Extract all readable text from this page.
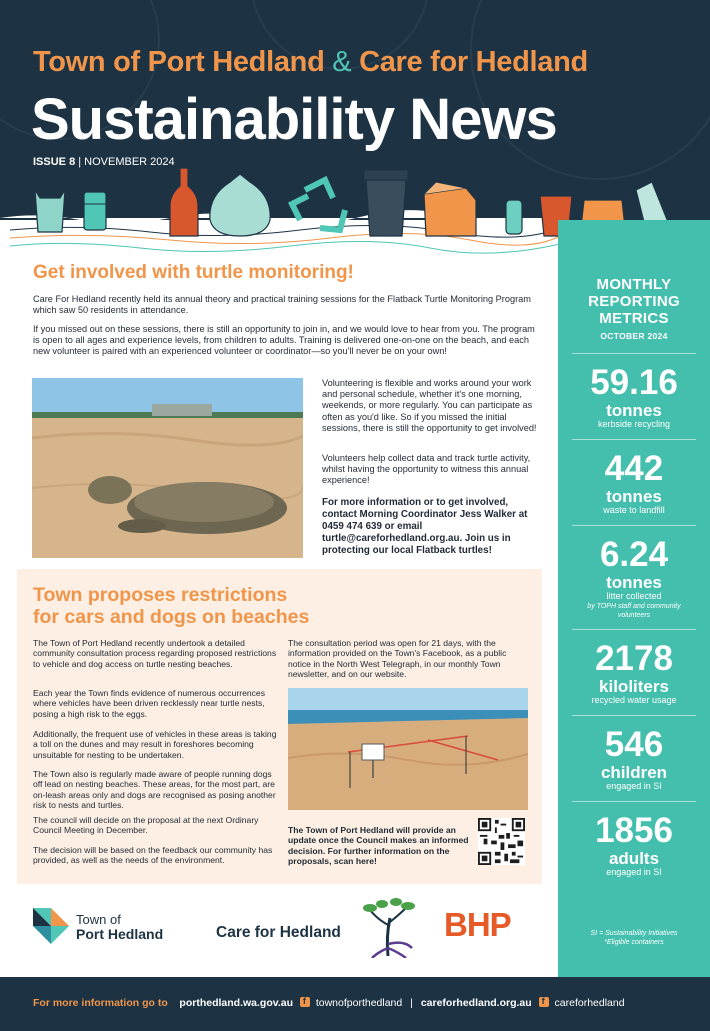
Town of Port Hedland & Care for Hedland
Sustainability News
ISSUE 8 | NOVEMBER 2024
MONTHLY
REPORTING
METRICS
OCTOBER 2024
59.16
tonnes
kerbside recycling
442
tonnes
waste to landfill
6.24
tonnes
litter collected
by TOPH staff and community volunteers
2178
kiloliters
recycled water usage
546
children
engaged in SI
1856
adults
engaged in SI
SI = Sustainability Initiatives
*Eligible containers
Get involved with turtle monitoring!

Care For Hedland recently held its annual theory and practical training sessions for the Flatback Turtle Monitoring Program which saw 50 residents in attendance.

If you missed out on these sessions, there is still an opportunity to join in, and we would love to hear from you. The program is open to all ages and experience levels, from children to adults. Training is delivered one-on-one on the beach, and each new volunteer is paired with an experienced volunteer or coordinator—so you'll never be on your own!

Volunteering is flexible and works around your work and personal schedule, whether it's one morning, weekends, or more regularly. You can participate as often as you'd like. So if you missed the initial sessions, there is still the opportunity to get involved!

Volunteers help collect data and track turtle activity, whilst having the opportunity to witness this annual experience!

For more information or to get involved, contact Morning Coordinator Jess Walker at 0459 474 639 or email turtle@careforhedland.org.au. Join us in protecting our local Flatback turtles!
Town proposes restrictions
for cars and dogs on beaches

The Town of Port Hedland recently undertook a detailed community consultation process regarding proposed restrictions to vehicle and dog access on turtle nesting beaches.

Each year the Town finds evidence of numerous occurrences where vehicles have been driven recklessly near turtle nests, posing a high risk to the eggs.

Additionally, the frequent use of vehicles in these areas is taking a toll on the dunes and may result in foreshores becoming unsuitable for nesting to be undertaken.

The Town also is regularly made aware of people running dogs off lead on nesting beaches. These areas, for the most part, are on-leash areas only and dogs are recognised as posing another risk to nests and turtles.

The council will decide on the proposal at the next Ordinary Council Meeting in December.

The decision will be based on the feedback our community has provided, as well as the needs of the environment.

The consultation period was open for 21 days, with the information provided on the Town's Facebook, as a public notice in the North West Telegraph, in our monthly Town newsletter, and on our website.

The Town of Port Hedland will provide an update once the Council makes an informed decision. For further information on the proposals, scan here!
Town of
Port Hedland	Care for Hedland	BHP
For more information go to porthedland.wa.gov.au f townofporthedland | careforhedland.org.au f careforhedland
